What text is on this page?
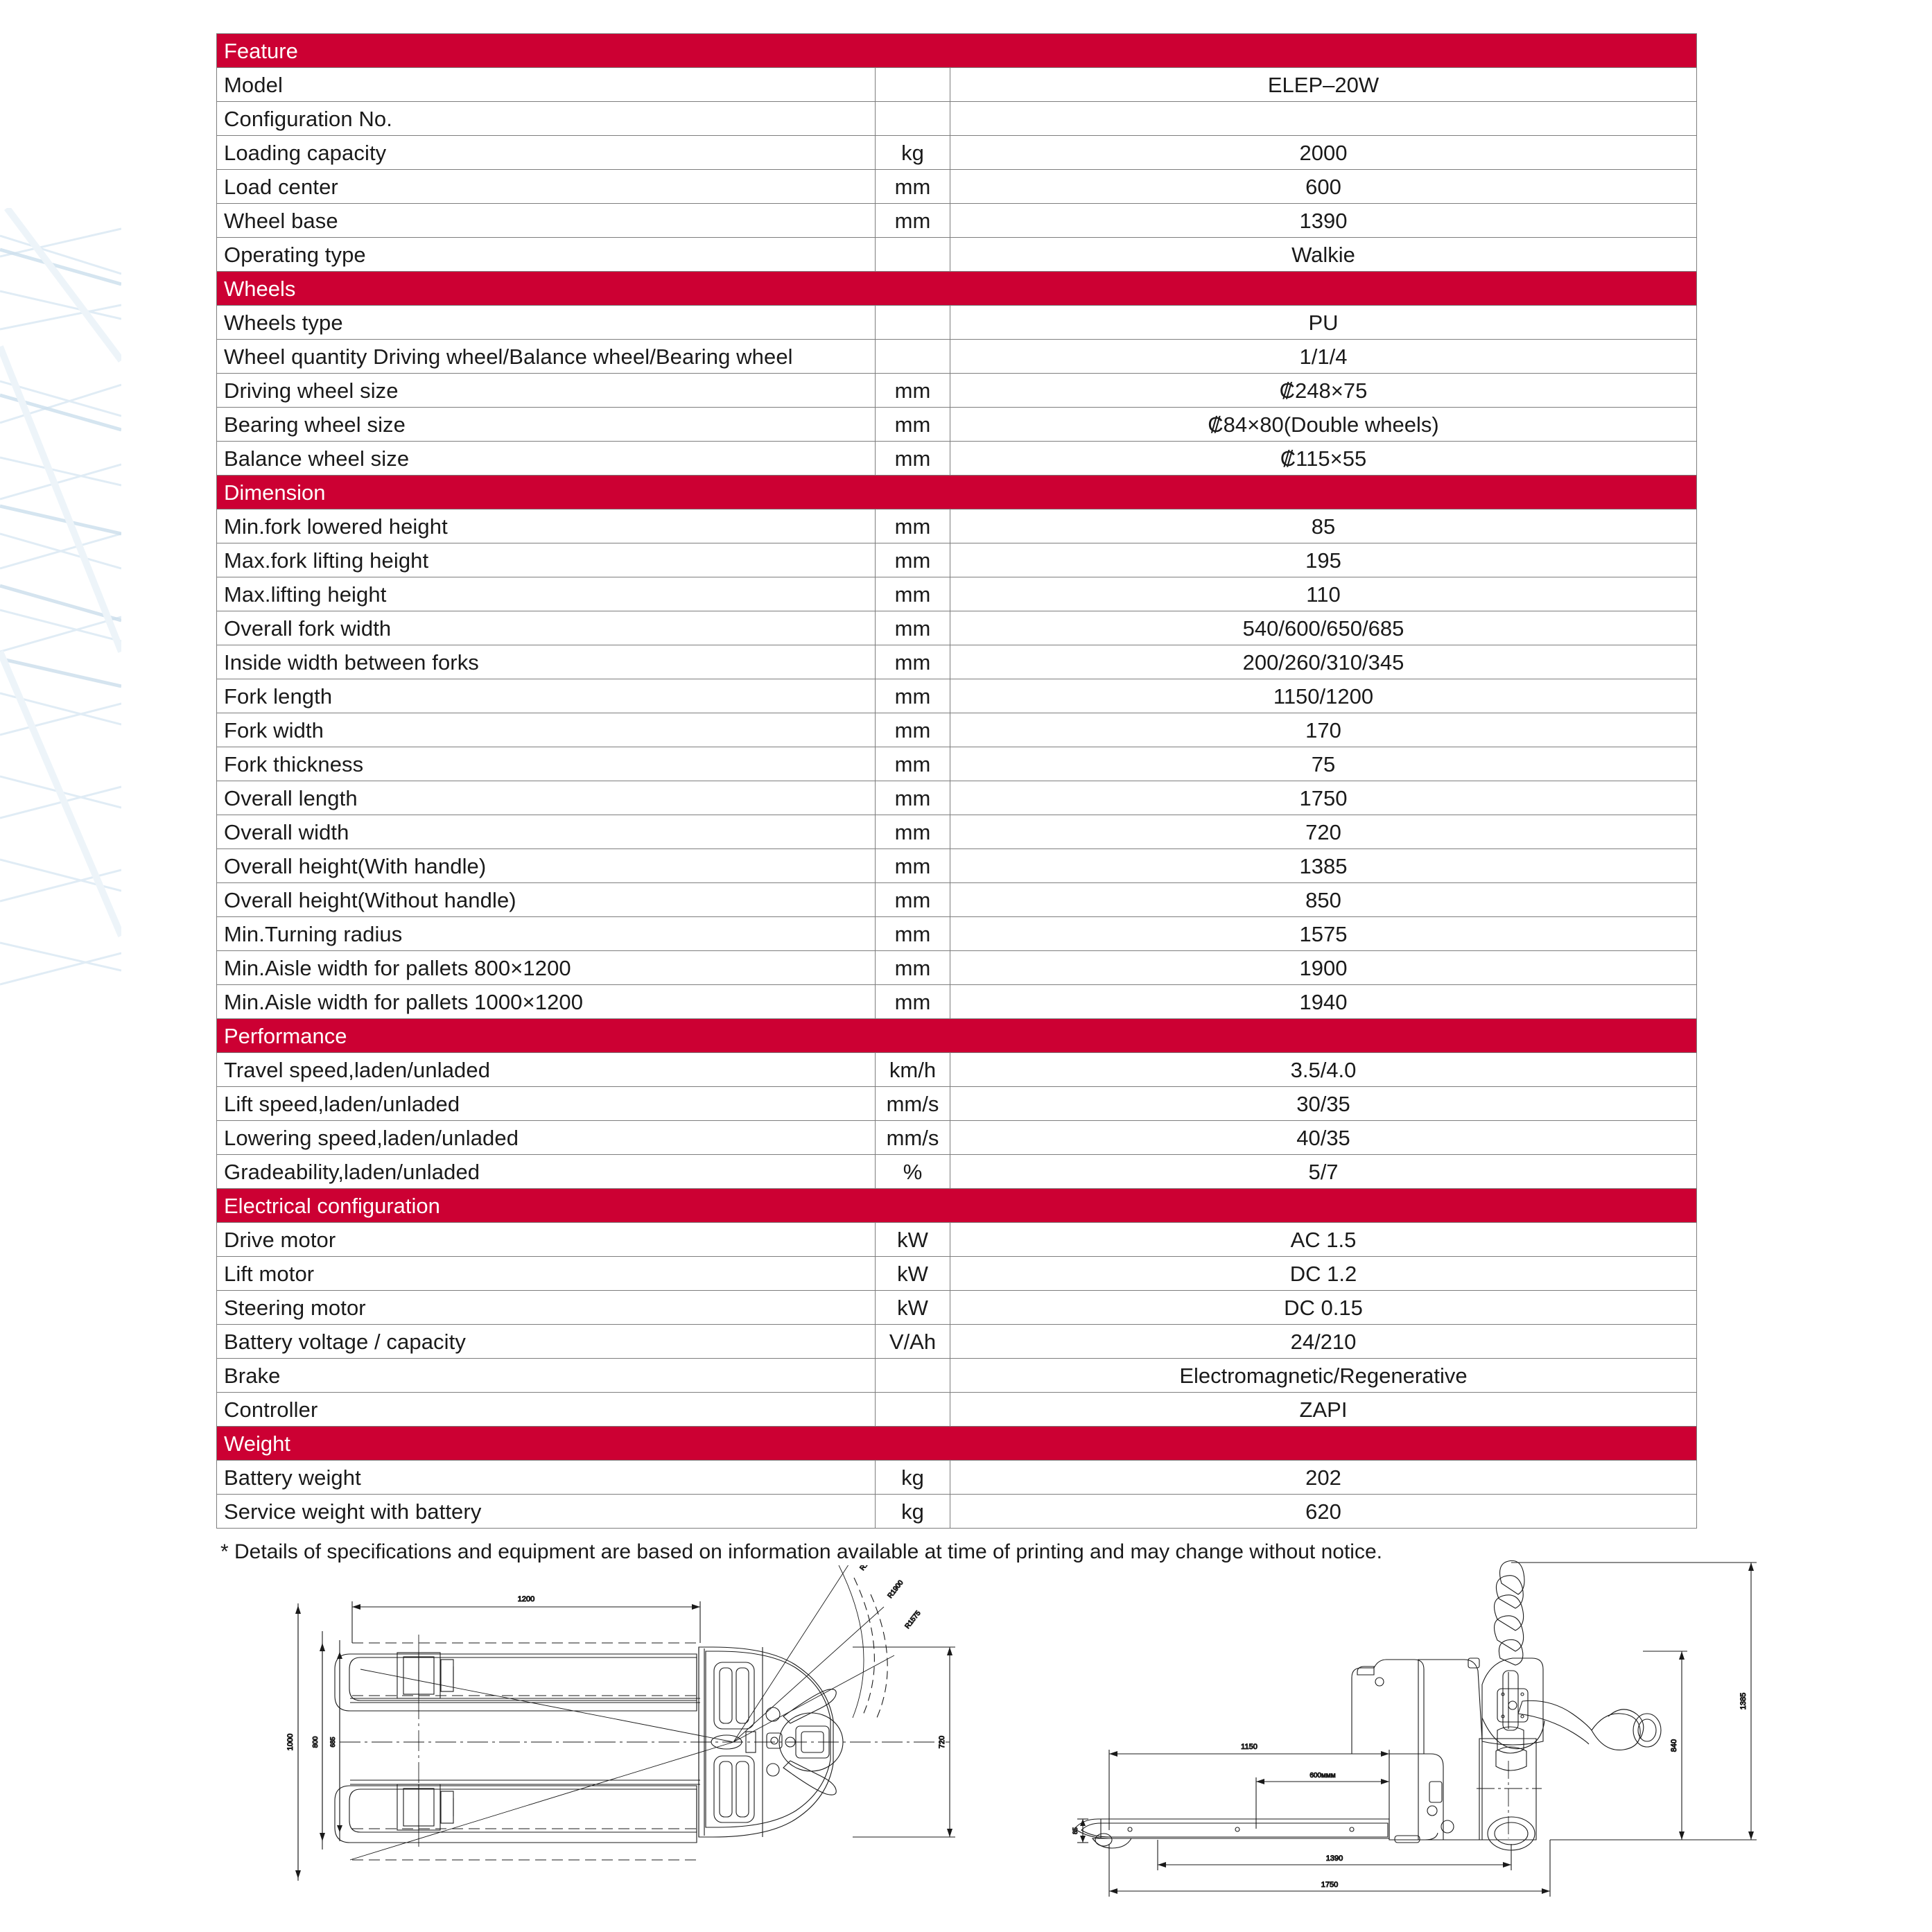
Feature		
Model		ELEP–20W
Configuration No.		
Loading capacity	kg	2000
Load center	mm	600
Wheel base	mm	1390
Operating type		Walkie
Wheels		
Wheels type		PU
Wheel quantity Driving wheel/Balance wheel/Bearing wheel		1/1/4
Driving wheel size	mm	₡248×75
Bearing wheel size	mm	₡84×80(Double wheels)
Balance wheel size	mm	₡115×55
Dimension		
Min.fork lowered height	mm	85
Max.fork lifting height	mm	195
Max.lifting height	mm	110
Overall fork width	mm	540/600/650/685
Inside width between forks	mm	200/260/310/345
Fork length	mm	1150/1200
Fork width	mm	170
Fork thickness	mm	75
Overall length	mm	1750
Overall width	mm	720
Overall height(With handle)	mm	1385
Overall height(Without handle)	mm	850
Min.Turning radius	mm	1575
Min.Aisle width for pallets 800×1200	mm	1900
Min.Aisle width for pallets 1000×1200	mm	1940
Performance		
Travel speed,laden/unladed	km/h	3.5/4.0
Lift speed,laden/unladed	mm/s	30/35
Lowering speed,laden/unladed	mm/s	40/35
Gradeability,laden/unladed	%	5/7
Electrical configuration		
Drive motor	kW	AC 1.5
Lift motor	kW	DC 1.2
Steering motor	kW	DC 0.15
Battery voltage / capacity	V/Ah	24/210
Brake		Electromagnetic/Regenerative
Controller		ZAPI
Weight		
Battery weight	kg	202
Service weight with battery	kg	620
* Details of specifications and equipment are based on information available at time of printing and may change without notice.
1200
1000	800 685
R1900
R1575
720	1150
600ммм
1390
1750
85
840
1385
